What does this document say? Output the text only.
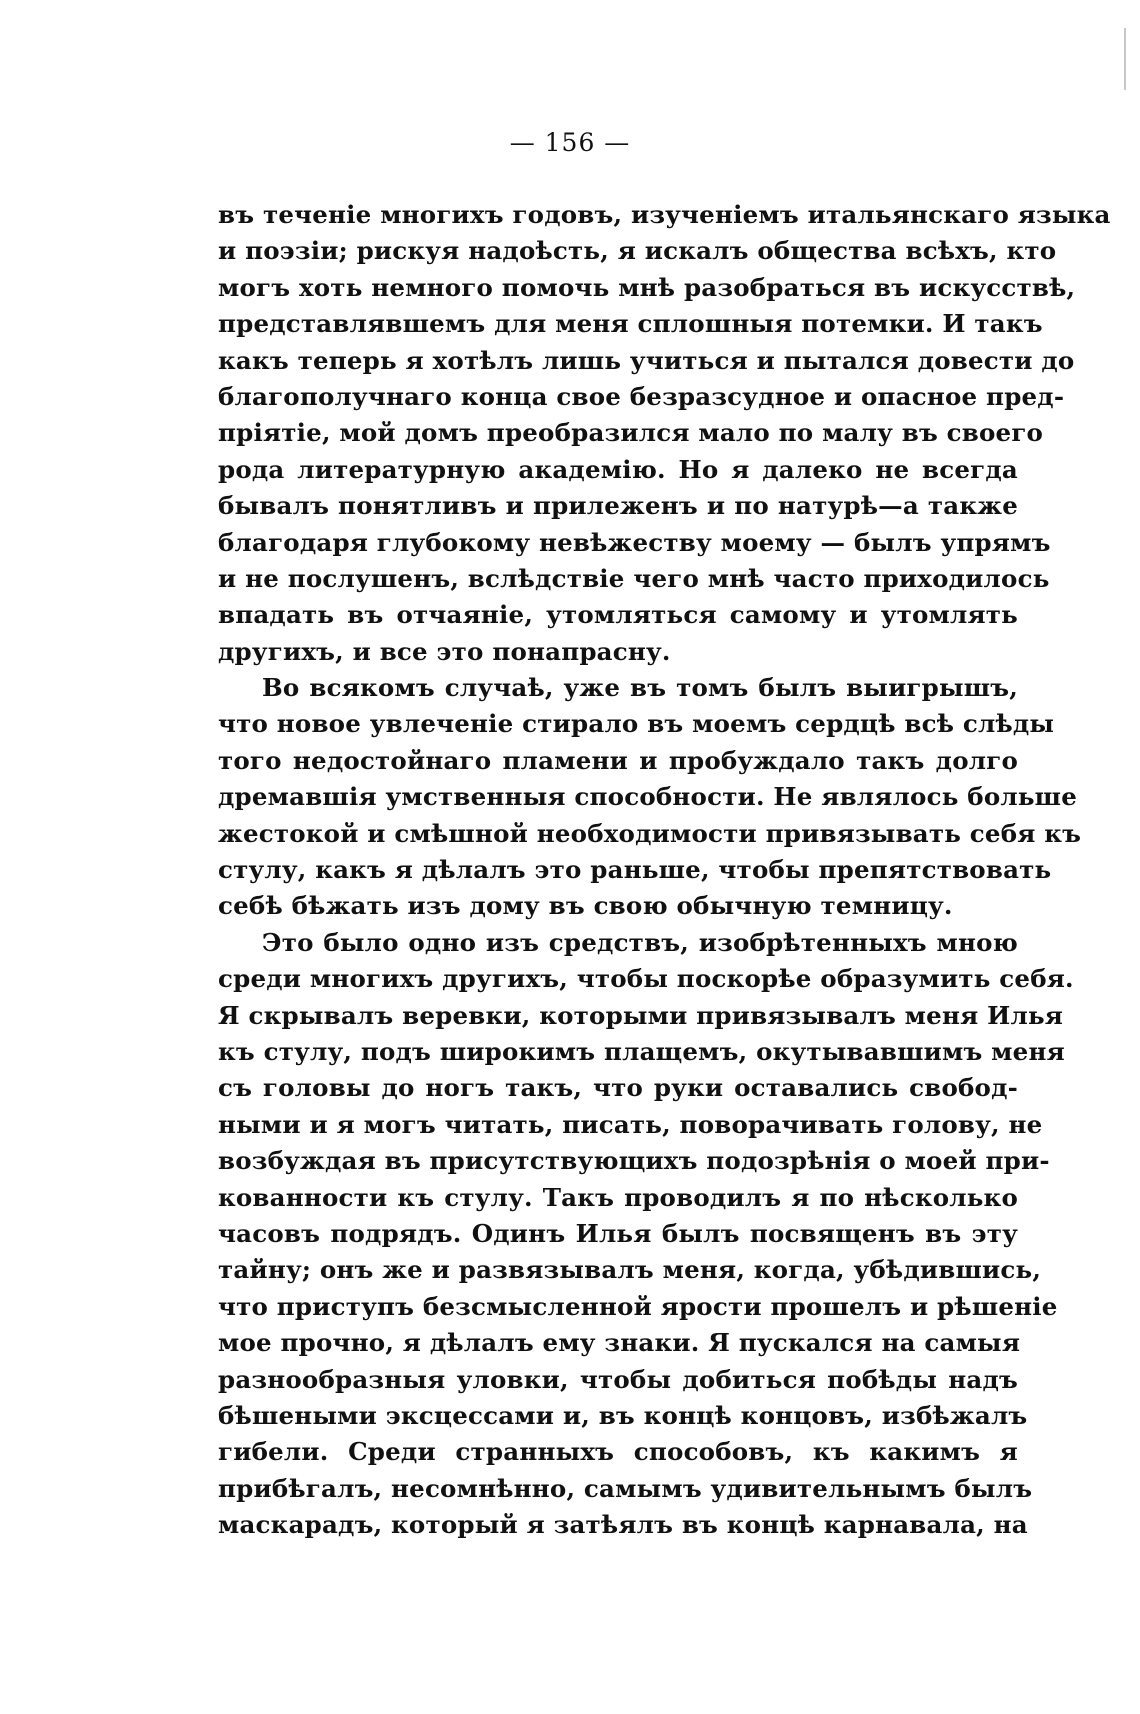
— 156 —
въ теченіе многихъ годовъ, изученіемъ итальянскаго языка
и поэзіи; рискуя надоѣсть, я искалъ общества всѣхъ, кто
могъ хоть немного помочь мнѣ разобраться въ искусствѣ,
представлявшемъ для меня сплошныя потемки. И такъ
какъ теперь я хотѣлъ лишь учиться и пытался довести до
благополучнаго конца свое безразсудное и опасное пред-
пріятіе, мой домъ преобразился мало по малу въ своего
рода литературную академію. Но я далеко не всегда
бывалъ понятливъ и прилеженъ и по натурѣ—а также
благодаря глубокому невѣжеству моему — былъ упрямъ
и не послушенъ, вслѣдствіе чего мнѣ часто приходилось
впадать въ отчаяніе, утомляться самому и утомлять
другихъ, и все это понапрасну.
Во всякомъ случаѣ, уже въ томъ былъ выигрышъ,
что новое увлеченіе стирало въ моемъ сердцѣ всѣ слѣды
того недостойнаго пламени и пробуждало такъ долго
дремавшія умственныя способности. Не являлось больше
жестокой и смѣшной необходимости привязывать себя къ
стулу, какъ я дѣлалъ это раньше, чтобы препятствовать
себѣ бѣжать изъ дому въ свою обычную темницу.
Это было одно изъ средствъ, изобрѣтенныхъ мною
среди многихъ другихъ, чтобы поскорѣе образумить себя.
Я скрывалъ веревки, которыми привязывалъ меня Илья
къ стулу, подъ широкимъ плащемъ, окутывавшимъ меня
съ головы до ногъ такъ, что руки оставались свобод-
ными и я могъ читать, писать, поворачивать голову, не
возбуждая въ присутствующихъ подозрѣнія о моей при-
кованности къ стулу. Такъ проводилъ я по нѣсколько
часовъ подрядъ. Одинъ Илья былъ посвященъ въ эту
тайну; онъ же и развязывалъ меня, когда, убѣдившись,
что приступъ безсмысленной ярости прошелъ и рѣшеніе
мое прочно, я дѣлалъ ему знаки. Я пускался на самыя
разнообразныя уловки, чтобы добиться побѣды надъ
бѣшеными эксцессами и, въ концѣ концовъ, избѣжалъ
гибели. Среди странныхъ способовъ, къ какимъ я
прибѣгалъ, несомнѣнно, самымъ удивительнымъ былъ
маскарадъ, который я затѣялъ въ концѣ карнавала, на
